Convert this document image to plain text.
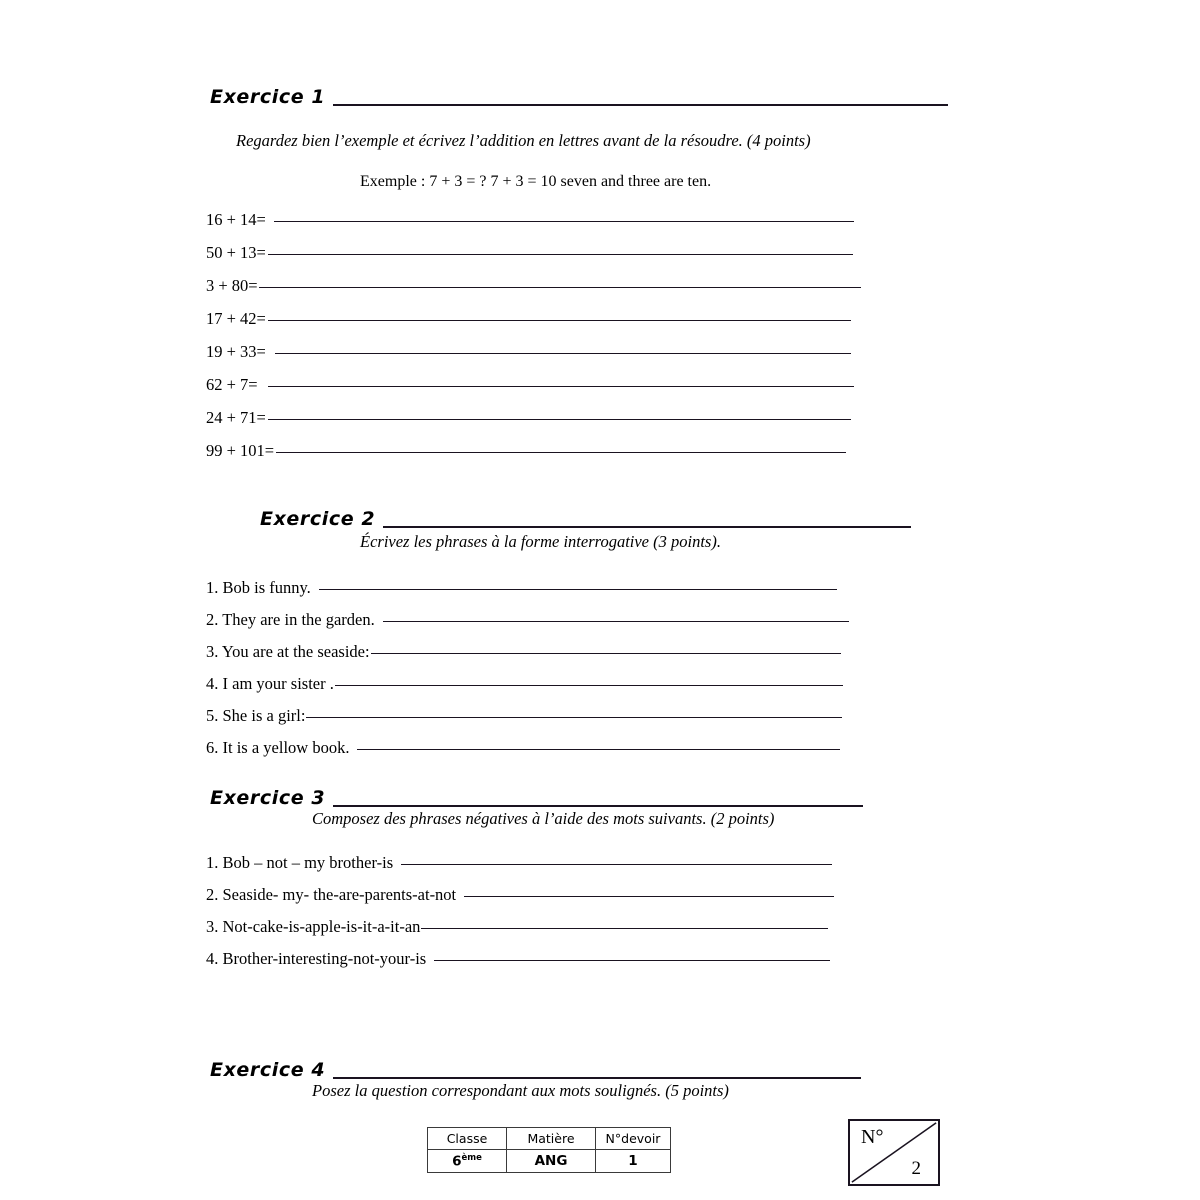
Exercice 1
Regardez bien l’exemple et écrivez l’addition en lettres avant de la résoudre. (4 points)
Exemple : 7 + 3 = ? 7 + 3 = 10 seven and three are ten.
16 + 14=
50 + 13=
3 + 80=
17 + 42=
19 + 33=
62 + 7=
24 + 71=
99 + 101=
Exercice 2
Écrivez les phrases à la forme interrogative (3 points).
1. Bob is funny.
2. They are in the garden.
3. You are at the seaside:
4. I am your sister .
5. She is a girl:
6. It is a yellow book.
Exercice 3
Composez des phrases négatives à l’aide des mots suivants. (2 points)
1. Bob – not – my brother-is
2. Seaside- my- the-are-parents-at-not
3. Not-cake-is-apple-is-it-a-it-an
4. Brother-interesting-not-your-is
Exercice 4
Posez la question correspondant aux mots soulignés. (5 points)
Classe	Matière	N°devoir
6ème	ANG	1
N°
2
